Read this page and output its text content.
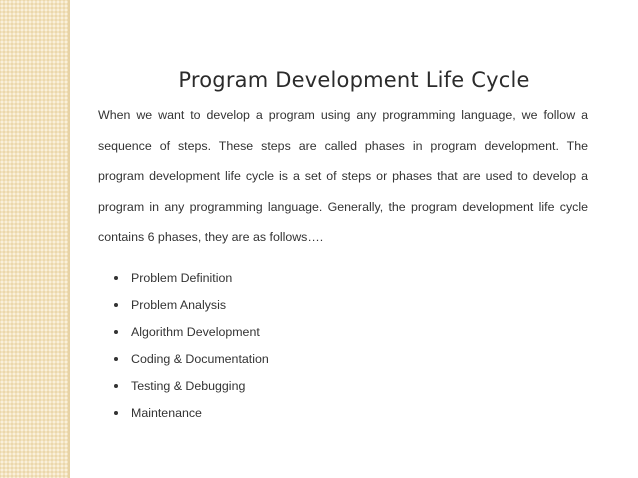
Program Development Life Cycle

When we want to develop a program using any programming language, we follow a
sequence of steps. These steps are called phases in program development. The
program development life cycle is a set of steps or phases that are used to develop a
program in any programming language. Generally, the program development life cycle
contains 6 phases, they are as follows….

Problem Definition
Problem Analysis
Algorithm Development
Coding & Documentation
Testing & Debugging
Maintenance
